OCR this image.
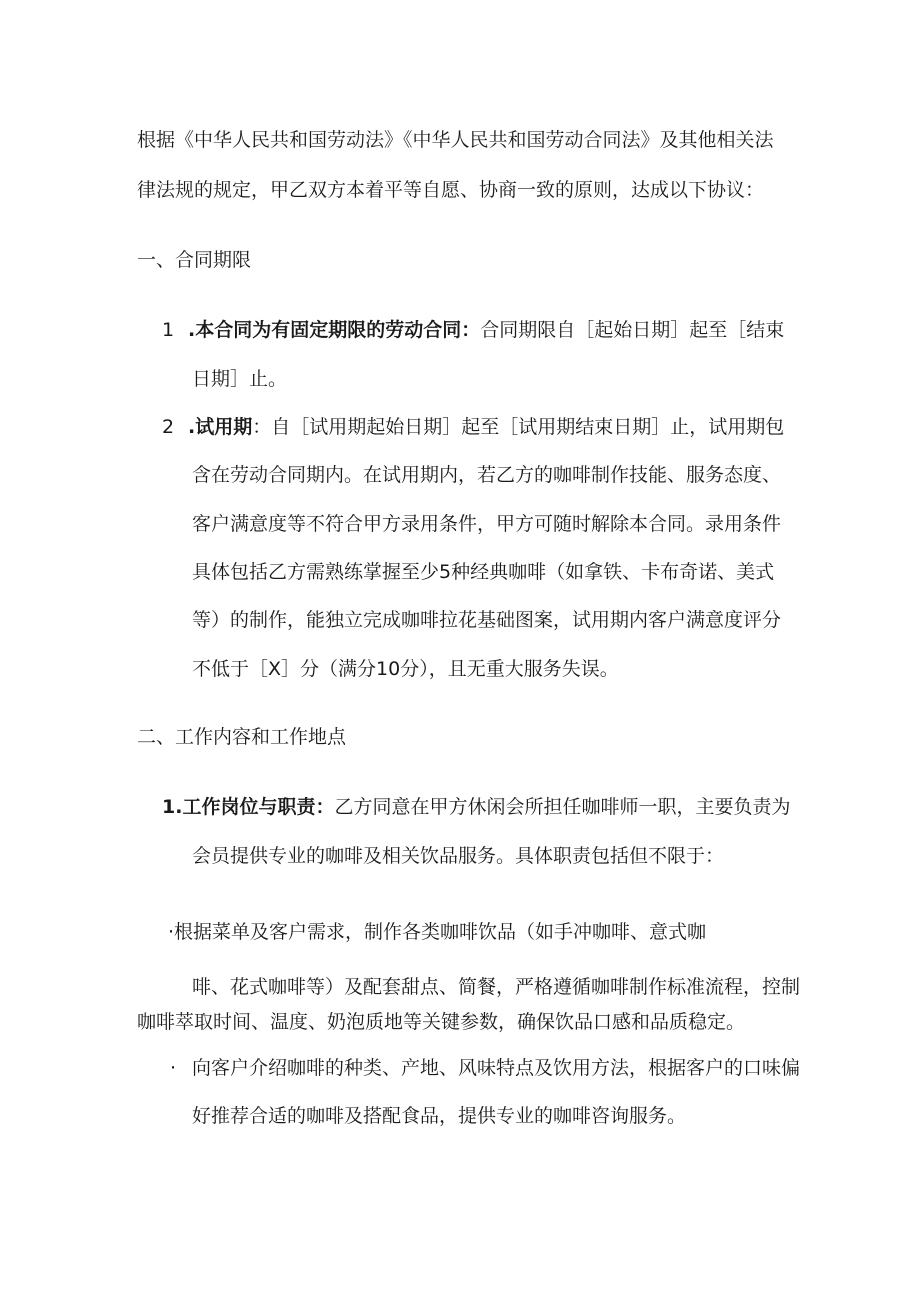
根据《中华人民共和国劳动法》《中华人民共和国劳动合同法》及其他相关法

律法规的规定，甲乙双方本着平等自愿、协商一致的原则，达成以下协议：

一、合同期限

1 .本合同为有固定期限的劳动合同：合同期限自［起始日期］起至［结束

日期］止。

2 .试用期：自［试用期起始日期］起至［试用期结束日期］止，试用期包

含在劳动合同期内。在试用期内，若乙方的咖啡制作技能、服务态度、

客户满意度等不符合甲方录用条件，甲方可随时解除本合同。录用条件

具体包括乙方需熟练掌握至少5种经典咖啡（如拿铁、卡布奇诺、美式

等）的制作，能独立完成咖啡拉花基础图案，试用期内客户满意度评分

不低于［X］分（满分10分），且无重大服务失误。

二、工作内容和工作地点

1.工作岗位与职责：乙方同意在甲方休闲会所担任咖啡师一职，主要负责为

会员提供专业的咖啡及相关饮品服务。具体职责包括但不限于：

·根据菜单及客户需求，制作各类咖啡饮品（如手冲咖啡、意式咖

啡、花式咖啡等）及配套甜点、简餐，严格遵循咖啡制作标准流程，控制

咖啡萃取时间、温度、奶泡质地等关键参数，确保饮品口感和品质稳定。

· 向客户介绍咖啡的种类、产地、风味特点及饮用方法，根据客户的口味偏

好推荐合适的咖啡及搭配食品，提供专业的咖啡咨询服务。
